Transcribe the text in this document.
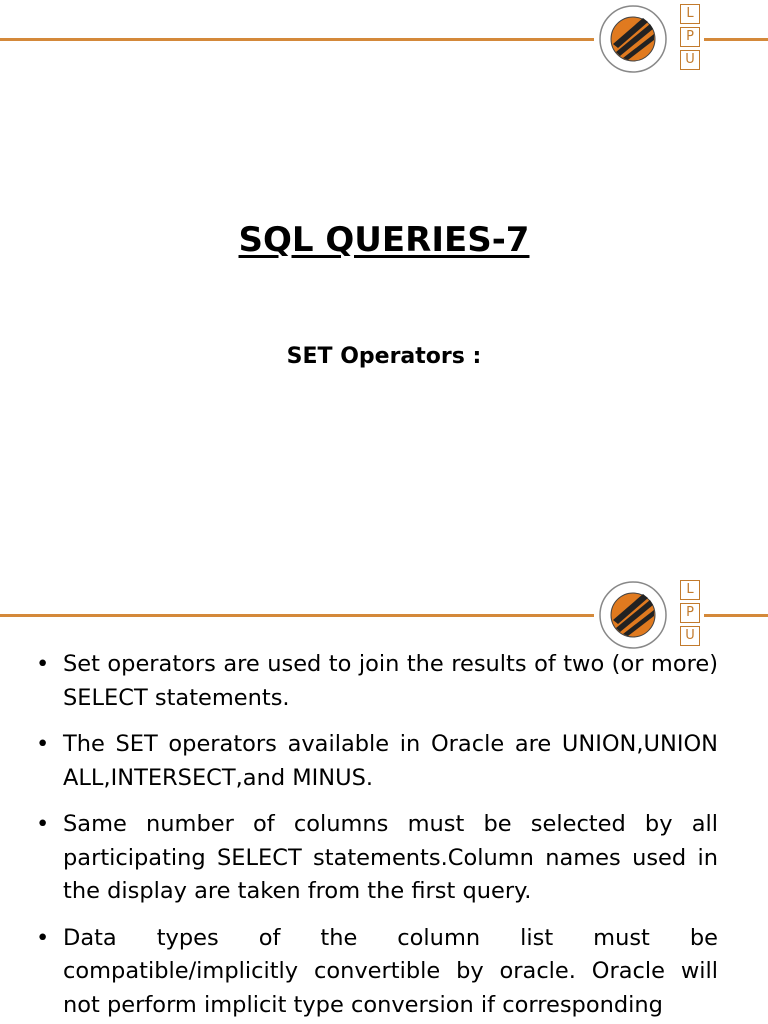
L
P
U
SQL QUERIES-7
SET Operators :
L
P
U
• Set operators are used to join the results of two (or more) SELECT statements.
• The SET operators available in Oracle are UNION,UNION ALL,INTERSECT,and MINUS.
• Same number of columns must be selected by all participating SELECT statements.Column names used in the display are taken from the first query.
• Data types of the column list must be compatible/implicitly convertible by oracle. Oracle will not perform implicit type conversion if corresponding
